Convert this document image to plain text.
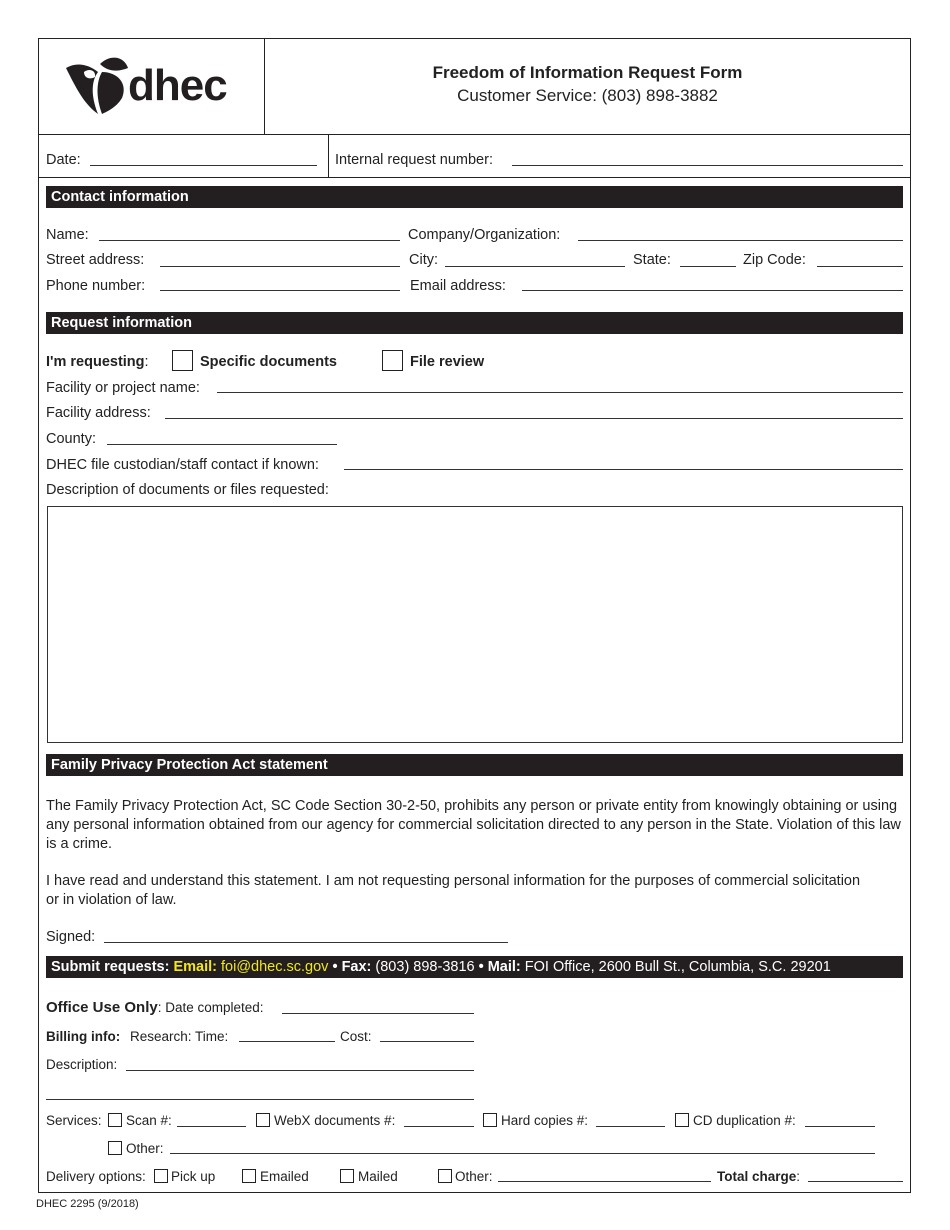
dhec	Freedom of Information Request Form
Customer Service: (803) 898-3882
Date:	Internal request number:
Contact information
Name:	Company/Organization:
Street address:	City:	State:	Zip Code:
Phone number:	Email address:
Request information
I'm requesting:	Specific documents	File review
Facility or project name:
Facility address:
County:
DHEC file custodian/staff contact if known:
Description of documents or files requested:
Family Privacy Protection Act statement
The Family Privacy Protection Act, SC Code Section 30-2-50, prohibits any person or private entity from knowingly obtaining or using any personal information obtained from our agency for commercial solicitation directed to any person in the State. Violation of this law is a crime.
I have read and understand this statement. I am not requesting personal information for the purposes of commercial solicitation or in violation of law.
Signed:
Submit requests: Email: foi@dhec.sc.gov • Fax: (803) 898-3816 • Mail: FOI Office, 2600 Bull St., Columbia, S.C. 29201
Office Use Only: Date completed:
Billing info: Research: Time:	Cost:
Description:
Services: Scan #:	WebX documents #:	Hard copies #:	CD duplication #:
Other:
Delivery options: Pick up	Emailed	Mailed	Other:	Total charge:
DHEC 2295 (9/2018)
